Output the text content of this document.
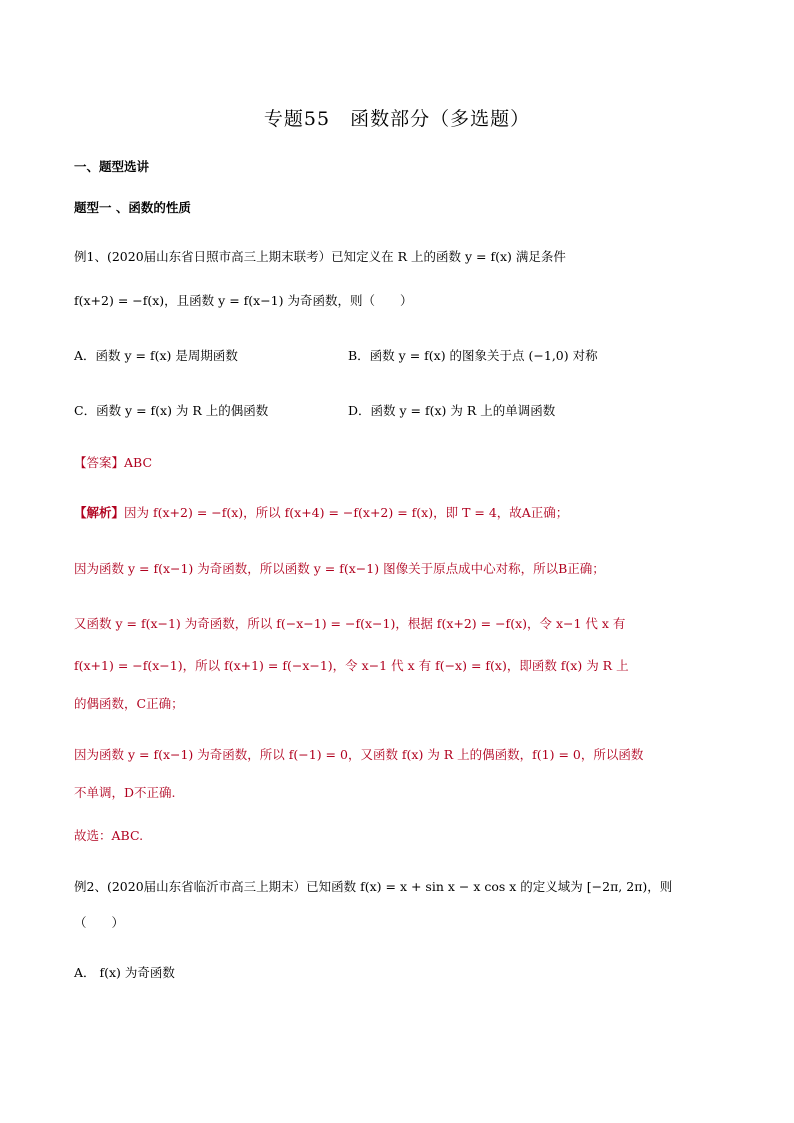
专题55　函数部分（多选题）
一、题型选讲
题型一 、函数的性质
例1、(2020届山东省日照市高三上期末联考）已知定义在 R 上的函数 y = f(x) 满足条件
f(x+2) = −f(x)，且函数 y = f(x−1) 为奇函数，则（　　）
A．函数 y = f(x) 是周期函数	B．函数 y = f(x) 的图象关于点 (−1,0) 对称
C．函数 y = f(x) 为 R 上的偶函数	D．函数 y = f(x) 为 R 上的单调函数
【答案】ABC
【解析】因为 f(x+2) = −f(x)，所以 f(x+4) = −f(x+2) = f(x)，即 T = 4，故A正确；
因为函数 y = f(x−1) 为奇函数，所以函数 y = f(x−1) 图像关于原点成中心对称，所以B正确；
又函数 y = f(x−1) 为奇函数，所以 f(−x−1) = −f(x−1)，根据 f(x+2) = −f(x)，令 x−1 代 x 有
f(x+1) = −f(x−1)，所以 f(x+1) = f(−x−1)，令 x−1 代 x 有 f(−x) = f(x)，即函数 f(x) 为 R 上
的偶函数，C正确；
因为函数 y = f(x−1) 为奇函数，所以 f(−1) = 0，又函数 f(x) 为 R 上的偶函数，f(1) = 0，所以函数
不单调，D不正确.
故选：ABC.
例2、(2020届山东省临沂市高三上期末）已知函数 f(x) = x + sin x − x cos x 的定义域为 [−2π, 2π)，则
（　　）
A． f(x) 为奇函数
